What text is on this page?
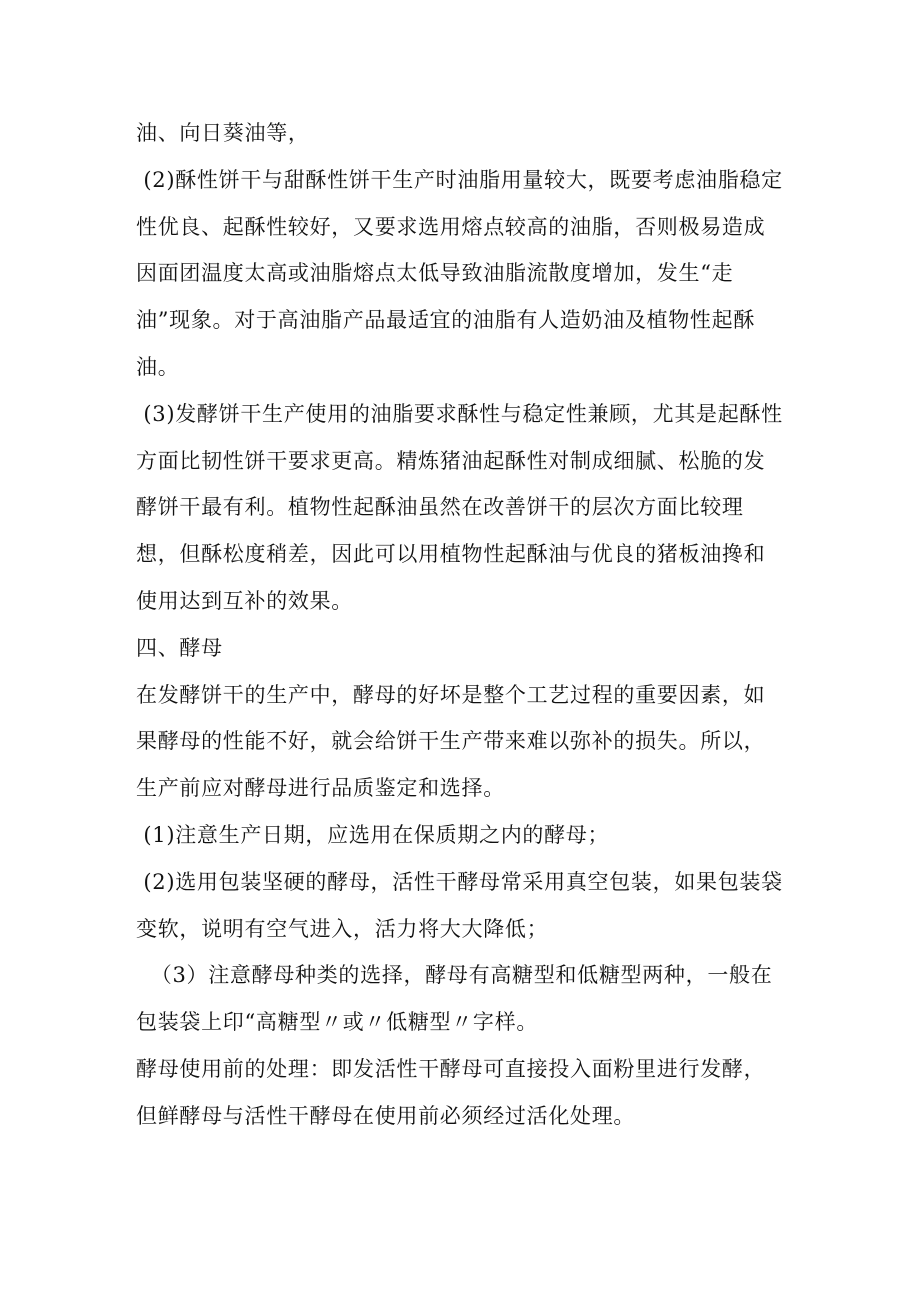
油、向日葵油等，

(2)酥性饼干与甜酥性饼干生产时油脂用量较大，既要考虑油脂稳定性优良、起酥性较好，又要求选用熔点较高的油脂，否则极易造成因面团温度太高或油脂熔点太低导致油脂流散度增加，发生“走油”现象。对于高油脂产品最适宜的油脂有人造奶油及植物性起酥油。

(3)发酵饼干生产使用的油脂要求酥性与稳定性兼顾，尤其是起酥性方面比韧性饼干要求更高。精炼猪油起酥性对制成细腻、松脆的发酵饼干最有利。植物性起酥油虽然在改善饼干的层次方面比较理想，但酥松度稍差，因此可以用植物性起酥油与优良的猪板油搀和使用达到互补的效果。

四、酵母

在发酵饼干的生产中，酵母的好坏是整个工艺过程的重要因素，如果酵母的性能不好，就会给饼干生产带来难以弥补的损失。所以，生产前应对酵母进行品质鉴定和选择。

(1)注意生产日期，应选用在保质期之内的酵母；

(2)选用包装坚硬的酵母，活性干酵母常采用真空包装，如果包装袋变软，说明有空气进入，活力将大大降低；

（3）注意酵母种类的选择，酵母有高糖型和低糖型两种，一般在包装袋上印“高糖型〃或〃低糖型〃字样。

酵母使用前的处理：即发活性干酵母可直接投入面粉里进行发酵，但鲜酵母与活性干酵母在使用前必须经过活化处理。
